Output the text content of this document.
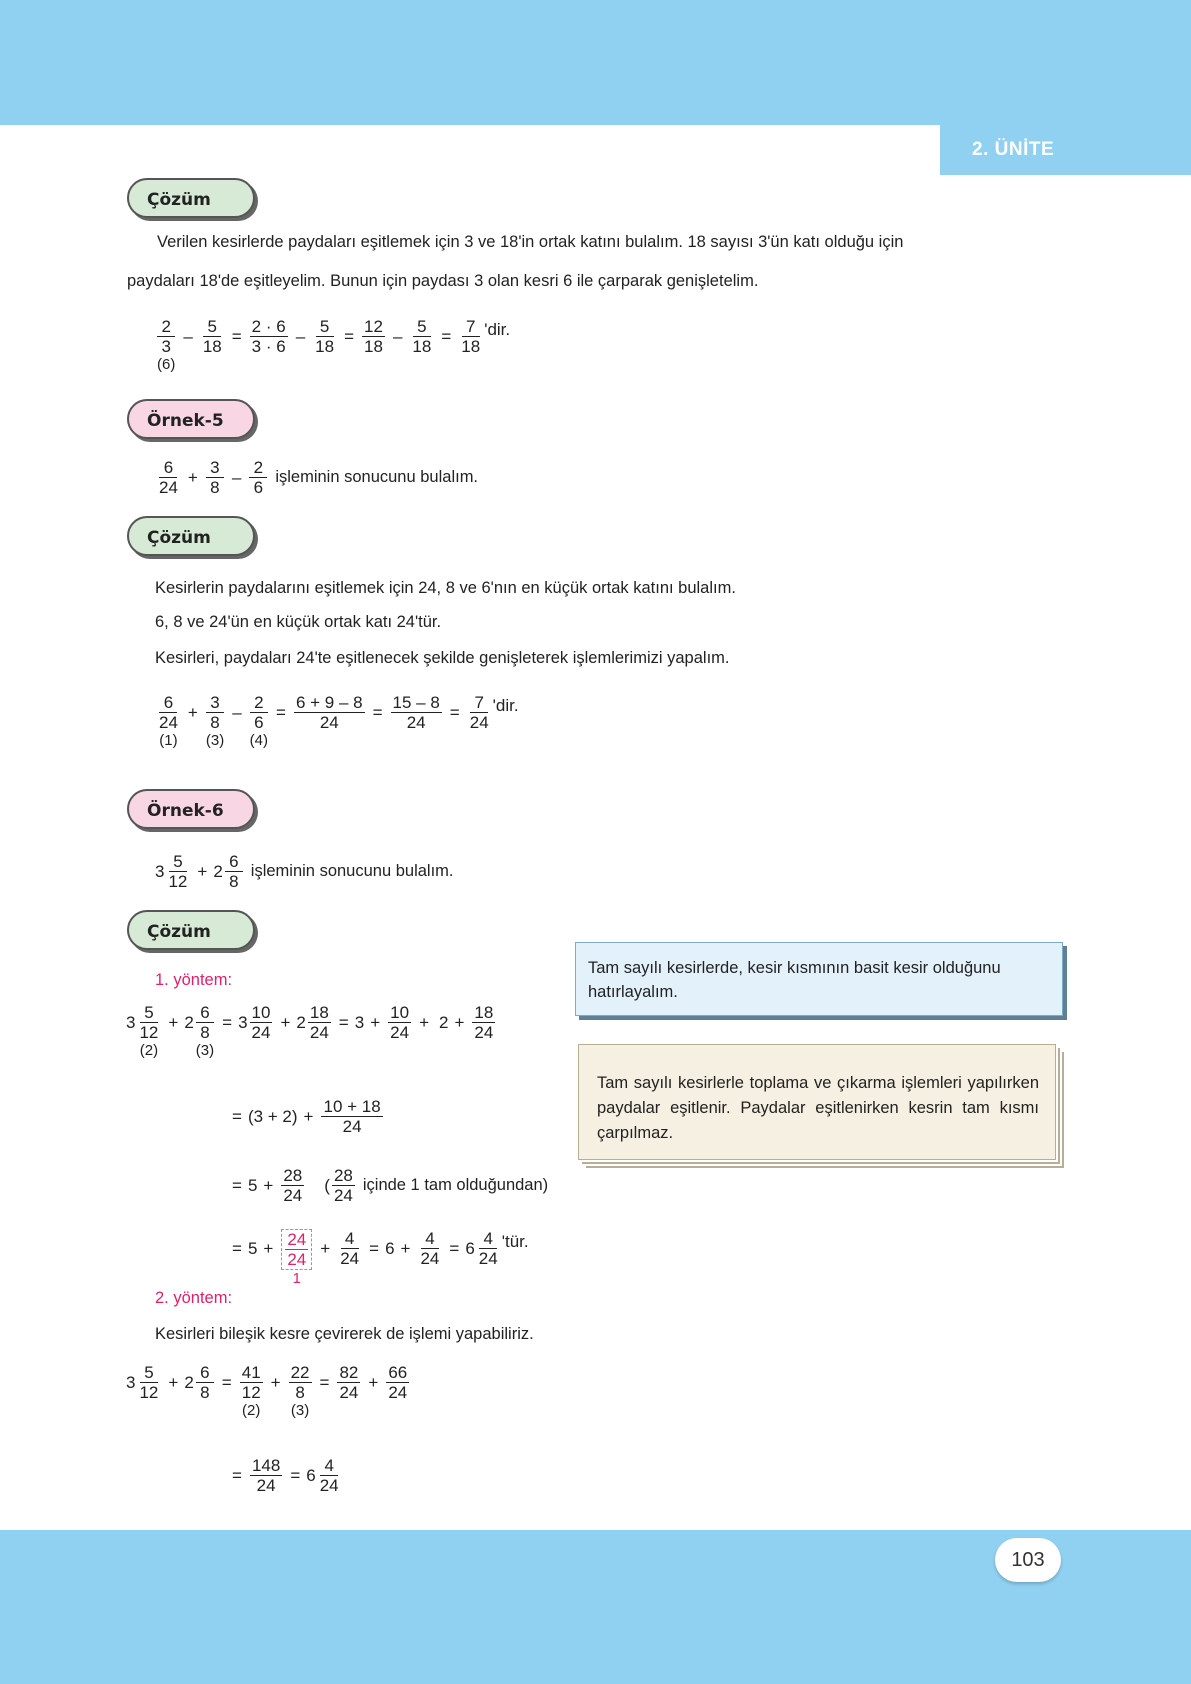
2. ÜNİTE
Çözüm
Verilen kesirlerde paydaları eşitlemek için 3 ve 18'in ortak katını bulalım. 18 sayısı 3'ün katı olduğu için
paydaları 18'de eşitleyelim. Bunun için paydası 3 olan kesri 6 ile çarparak genişletelim.
2
3
(6)
– $\frac{5}{18} = \frac{2 \cdot 6}{3 \cdot 6} - \frac{5}{18} = \frac{12}{18} - \frac{5}{18} = \frac{7}{18}$ 'dir.
Örnek-5
6
24
+ $\frac{3}{8}$ –
2
6
işleminin sonucunu bulalım.
Çözüm
Kesirlerin paydalarını eşitlemek için 24, 8 ve 6'nın en küçük ortak katını bulalım.
6, 8 ve 24'ün en küçük ortak katı 24'tür.
Kesirleri, paydaları 24'te eşitlenecek şekilde genişleterek işlemlerimizi yapalım.
6
24
(1)
+
3
8
(3)
–
2
6
(4)
= $\frac{6 + 9 - 8}{24} = \frac{15 - 8}{24} = \frac{7}{24}$ 'dir.
Örnek-6
3
5
12
+ 2
6
8
işleminin sonucunu bulalım.
Çözüm
1. yöntem:
3
5
12
(2)
+ 2
6
8
(3)
= 3
10
24
+ 2
18
24
= $3 + \frac{10}{24} + 2 + \frac{18}{24}$
= $(3 + 2) + \frac{10 + 18}{24}$
= $5 + \frac{28}{24}$	(
28
24
içinde 1 tam olduğundan)
= 5 + 24
24
$1 + \frac{4}{24} = 6 + \frac{4}{24} = 6$
4
24
'tür.
2. yöntem:
Kesirleri bileşik kesre çevirerek de işlemi yapabiliriz.
3
5
12
+ 2
6
8
=
41
12
(2)
+
22
8
(3)
= $\frac{82}{24} + \frac{66}{24}$
= $\frac{148}{24} = 6$
4
24
Tam sayılı kesirlerde, kesir kısmının basit kesir olduğunu hatırlayalım.
Tam sayılı kesirlerle toplama ve çıkarma işlemleri yapılırken paydalar eşitlenir. Paydalar eşitlenirken kesrin tam kısmı çarpılmaz.
103
